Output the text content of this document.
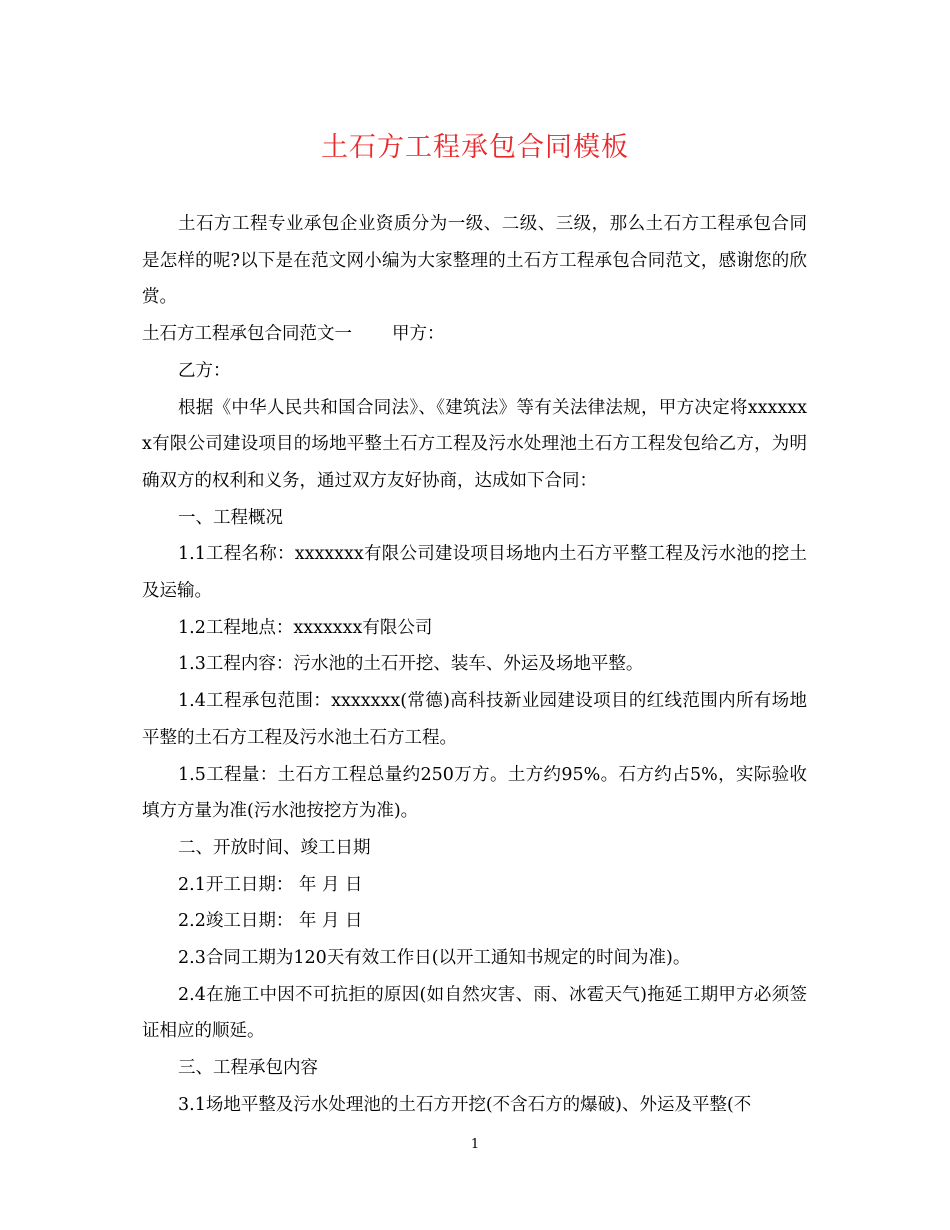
土石方工程承包合同模板

土石方工程专业承包企业资质分为一级、二级、三级，那么土石方工程承包合同是怎样的呢?以下是在范文网小编为大家整理的土石方工程承包合同范文，感谢您的欣赏。

土石方工程承包合同范文一 甲方：

乙方：

根据《中华人民共和国合同法》、《建筑法》等有关法律法规，甲方决定将xxxxxxx有限公司建设项目的场地平整土石方工程及污水处理池土石方工程发包给乙方，为明确双方的权利和义务，通过双方友好协商，达成如下合同：

一、工程概况

1.1工程名称：xxxxxxx有限公司建设项目场地内土石方平整工程及污水池的挖土及运输。

1.2工程地点：xxxxxxx有限公司

1.3工程内容：污水池的土石开挖、装车、外运及场地平整。

1.4工程承包范围：xxxxxxx(常德)高科技新业园建设项目的红线范围内所有场地平整的土石方工程及污水池土石方工程。

1.5工程量：土石方工程总量约250万方。土方约95%。石方约占5%，实际验收填方方量为准(污水池按挖方为准)。

二、开放时间、竣工日期

2.1开工日期： 年 月 日

2.2竣工日期： 年 月 日

2.3合同工期为120天有效工作日(以开工通知书规定的时间为准)。

2.4在施工中因不可抗拒的原因(如自然灾害、雨、冰雹天气)拖延工期甲方必须签证相应的顺延。

三、工程承包内容

3.1场地平整及污水处理池的土石方开挖(不含石方的爆破)、外运及平整(不

1
